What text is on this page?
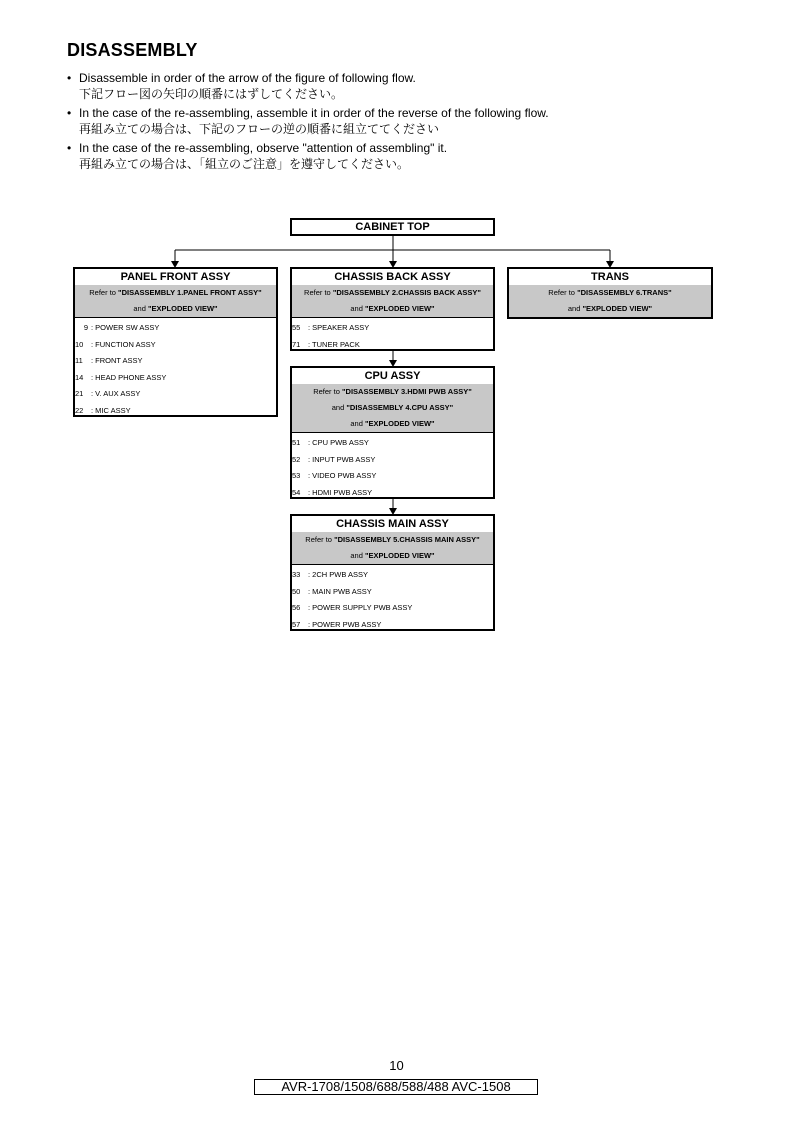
DISASSEMBLY
• Disassemble in order of the arrow of the figure of following flow.
下記フロー図の矢印の順番にはずしてください。
• In the case of the re-assembling, assemble it in order of the reverse of the following flow.
再組み立ての場合は、下記のフローの逆の順番に組立ててください
• In the case of the re-assembling, observe "attention of assembling" it.
再組み立ての場合は、「組立のご注意」を遵守してください。
CABINET TOP
PANEL FRONT ASSY
Refer to "DISASSEMBLY 1.PANEL FRONT ASSY"
and "EXPLODED VIEW"
9 : POWER SW ASSY
10 : FUNCTION ASSY
11 : FRONT ASSY
14 : HEAD PHONE ASSY
21 : V. AUX ASSY
22 : MIC ASSY
CHASSIS BACK ASSY
Refer to "DISASSEMBLY 2.CHASSIS BACK ASSY"
and "EXPLODED VIEW"
55 : SPEAKER ASSY
71 : TUNER PACK
TRANS
Refer to "DISASSEMBLY 6.TRANS"
and "EXPLODED VIEW"
CPU ASSY
Refer to "DISASSEMBLY 3.HDMI PWB ASSY"
and "DISASSEMBLY 4.CPU ASSY"
and "EXPLODED VIEW"
51 : CPU PWB ASSY
52 : INPUT PWB ASSY
53 : VIDEO PWB ASSY
54 : HDMI PWB ASSY
CHASSIS MAIN ASSY
Refer to "DISASSEMBLY 5.CHASSIS MAIN ASSY"
and "EXPLODED VIEW"
33 : 2CH PWB ASSY
50 : MAIN PWB ASSY
56 : POWER SUPPLY PWB ASSY
57 : POWER PWB ASSY
10
AVR-1708/1508/688/588/488 AVC-1508
